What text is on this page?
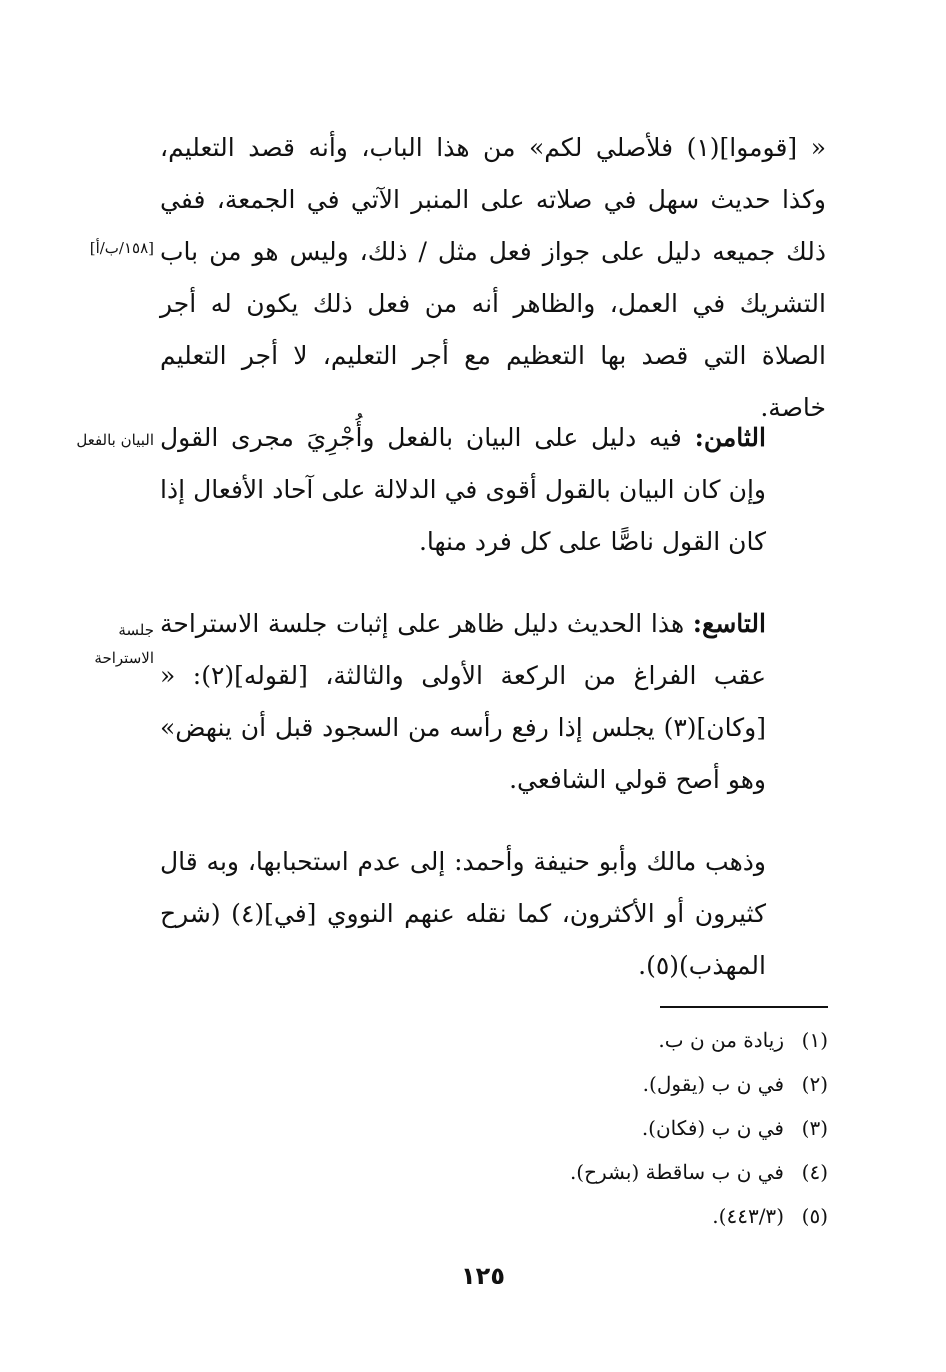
« [قوموا](١) فلأصلي لكم» من هذا الباب، وأنه قصد التعليم، وكذا حديث سهل في صلاته على المنبر الآتي في الجمعة، ففي ذلك جميعه دليل على جواز فعل مثل / ذلك، وليس هو من باب التشريك في العمل، والظاهر أنه من فعل ذلك يكون له أجر الصلاة التي قصد بها التعظيم مع أجر التعليم، لا أجر التعليم خاصة.

الثامن: فيه دليل على البيان بالفعل وأُجْرِيَ مجرى القول وإن كان البيان بالقول أقوى في الدلالة على آحاد الأفعال إذا كان القول ناصًّا على كل فرد منها.

التاسع: هذا الحديث دليل ظاهر على إثبات جلسة الاستراحة عقب الفراغ من الركعة الأولى والثالثة، [لقوله](٢): « [وكان](٣) يجلس إذا رفع رأسه من السجود قبل أن ينهض» وهو أصح قولي الشافعي.

وذهب مالك وأبو حنيفة وأحمد: إلى عدم استحبابها، وبه قال كثيرون أو الأكثرون، كما نقله عنهم النووي [في](٤) (شرح المهذب)(٥).

[١٥٨/ب/أ]
البيان بالفعل
جلسة
الاستراحة
(١)زيادة من ن ب.
(٢)في ن ب (يقول).
(٣)في ن ب (فكان).
(٤)في ن ب ساقطة (بشرح).
(٥)(٤٤٣/٣).
١٢٥
